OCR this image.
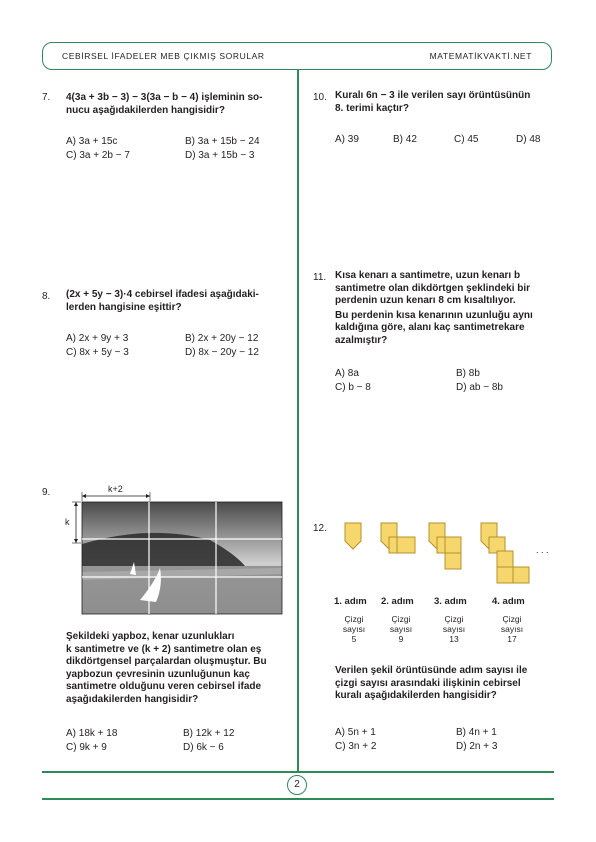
CEBİRSEL İFADELER MEB ÇIKMIŞ SORULAR	MATEMATİKVAKTİ.NET
2
7. 4(3a + 3b − 3) − 3(3a − b − 4) işleminin so-
nucu aşağıdakilerden hangisidir?
A) 3a + 15c	B) 3a + 15b − 24
C) 3a + 2b − 7	D) 3a + 15b − 3
8. (2x + 5y − 3)·4 cebirsel ifadesi aşağıdaki-
lerden hangisine eşittir?
A) 2x + 9y + 3	B) 2x + 20y − 12
C) 8x + 5y − 3	D) 8x − 20y − 12
9.	k+2
k
Şekildeki yapboz, kenar uzunlukları
k santimetre ve (k + 2) santimetre olan eş
dikdörtgensel parçalardan oluşmuştur. Bu
yapbozun çevresinin uzunluğunun kaç
santimetre olduğunu veren cebirsel ifade
aşağıdakilerden hangisidir?
A) 18k + 18	B) 12k + 12
C) 9k + 9	D) 6k − 6
10. Kuralı 6n − 3 ile verilen sayı örüntüsünün
8. terimi kaçtır?
A) 39	B) 42	C) 45	D) 48
11. Kısa kenarı a santimetre, uzun kenarı b
santimetre olan dikdörtgen şeklindeki bir
perdenin uzun kenarı 8 cm kısaltılıyor.
Bu perdenin kısa kenarının uzunluğu aynı
kaldığına göre, alanı kaç santimetrekare
azalmıştır?
A) 8a	B) 8b
C) b − 8	D) ab − 8b
12.
. . .
1. adım 2. adım 3. adım	4. adım
Çizgi
sayısı
5
Çizgi
sayısı
9
Çizgi
sayısı
13
Çizgi
sayısı
17
Verilen şekil örüntüsünde adım sayısı ile
çizgi sayısı arasındaki ilişkinin cebirsel
kuralı aşağıdakilerden hangisidir?
A) 5n + 1	B) 4n + 1
C) 3n + 2	D) 2n + 3
